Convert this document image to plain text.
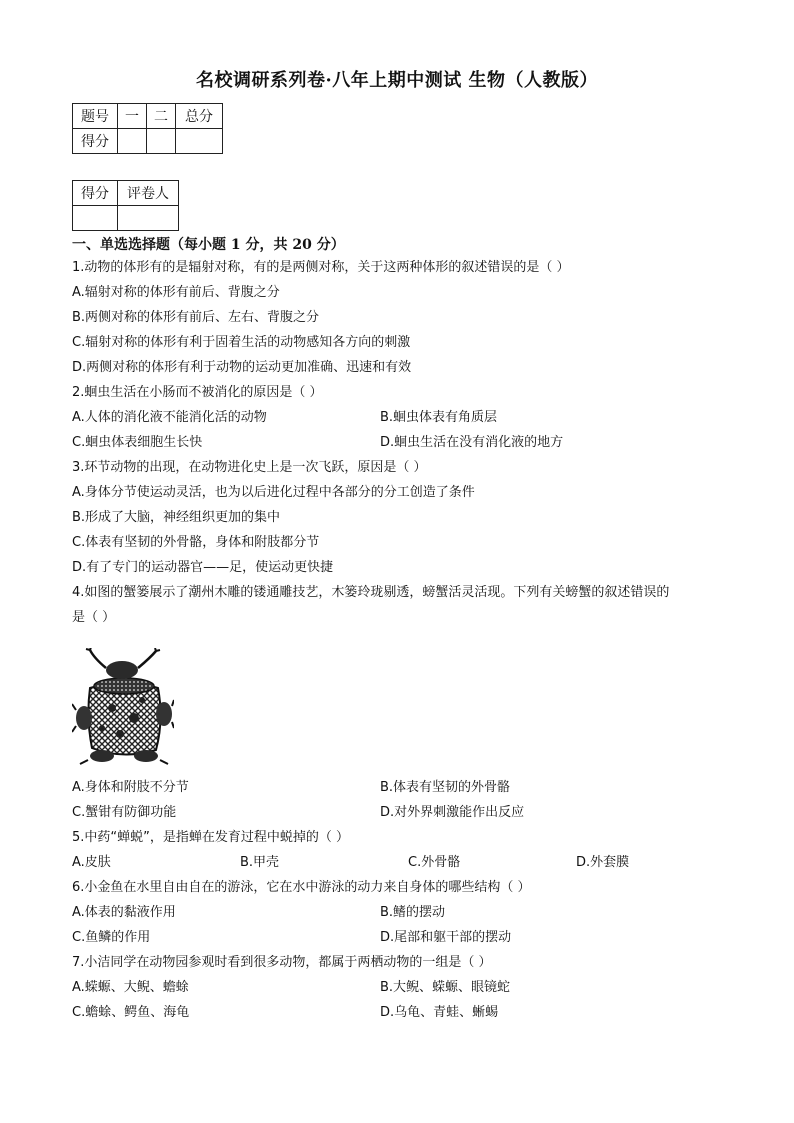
名校调研系列卷·八年上期中测试 生物（人教版）
题号	一	二	总分
得分			
得分	评卷人

一、单选选择题（每小题 1 分，共 20 分）
1.动物的体形有的是辐射对称，有的是两侧对称，关于这两种体形的叙述错误的是（ ）
A.辐射对称的体形有前后、背腹之分
B.两侧对称的体形有前后、左右、背腹之分
C.辐射对称的体形有利于固着生活的动物感知各方向的刺激
D.两侧对称的体形有利于动物的运动更加准确、迅速和有效
2.蛔虫生活在小肠而不被消化的原因是（ ）
A.人体的消化液不能消化活的动物	B.蛔虫体表有角质层
C.蛔虫体表细胞生长快	D.蛔虫生活在没有消化液的地方
3.环节动物的出现，在动物进化史上是一次飞跃，原因是（ ）
A.身体分节使运动灵活，也为以后进化过程中各部分的分工创造了条件
B.形成了大脑，神经组织更加的集中
C.体表有坚韧的外骨骼，身体和附肢都分节
D.有了专门的运动器官——足，使运动更快捷
4.如图的蟹篓展示了潮州木雕的镂通雕技艺，木篓玲珑剔透，螃蟹活灵活现。下列有关螃蟹的叙述错误的
是（ ）
A.身体和附肢不分节	B.体表有坚韧的外骨骼
C.蟹钳有防御功能	D.对外界刺激能作出反应
5.中药“蝉蜕”，是指蝉在发育过程中蜕掉的（ ）
A.皮肤	B.甲壳	C.外骨骼	D.外套膜
6.小金鱼在水里自由自在的游泳，它在水中游泳的动力来自身体的哪些结构（ ）
A.体表的黏液作用	B.鳍的摆动
C.鱼鳞的作用	D.尾部和躯干部的摆动
7.小洁同学在动物园参观时看到很多动物，都属于两栖动物的一组是（ ）
A.蝾螈、大鲵、蟾蜍	B.大鲵、蝾螈、眼镜蛇
C.蟾蜍、鳄鱼、海龟	D.乌龟、青蛙、蜥蜴
